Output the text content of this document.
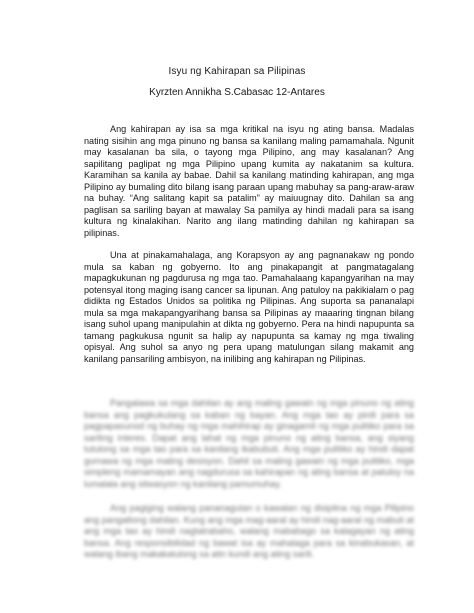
Isyu ng Kahirapan sa Pilipinas
Kyrzten Annikha S.Cabasac 12-Antares

Ang kahirapan ay isa sa mga kritikal na isyu ng ating bansa. Madalas nating sisihin ang mga pinuno ng bansa sa kanilang maling pamamahala. Ngunit may kasalanan ba sila, o tayong mga Pilipino, ang may kasalanan? Ang sapilitang paglipat ng mga Pilipino upang kumita ay nakatanim sa kultura. Karamihan sa kanila ay babae. Dahil sa kanilang matinding kahirapan, ang mga Pilipino ay bumaling dito bilang isang paraan upang mabuhay sa pang-araw-araw na buhay. “Ang salitang kapit sa patalim” ay maiuugnay dito. Dahilan sa ang paglisan sa sariling bayan at mawalay Sa pamilya ay hindi madali para sa isang kultura ng kinalakihan. Narito ang ilang matinding dahilan ng kahirapan sa pilipinas.

Una at pinakamahalaga, ang Korapsyon ay ang pagnanakaw ng pondo mula sa kaban ng gobyerno. Ito ang pinakapangit at pangmatagalang mapagkukunan ng pagdurusa ng mga tao. Pamahalaang kapangyarihan na may potensyal itong maging isang cancer sa lipunan. Ang patuloy na pakikialam o pag didikta ng Estados Unidos sa politika ng Pilipinas. Ang suporta sa pananalapi mula sa mga makapangyarihang bansa sa Pilipinas ay maaaring tingnan bilang isang suhol upang manipulahin at dikta ng gobyerno. Pera na hindi napupunta sa tamang pagkukusa ngunit sa halip ay napupunta sa kamay ng mga tiwaling opisyal. Ang suhol sa anyo ng pera upang matulungan silang makamit ang kanilang pansariling ambisyon, na inilibing ang kahirapan ng Pilipinas.

Pangalawa sa mga dahilan ay ang maling gawain ng mga pinuno ng ating bansa ang pagkukulang sa kaban ng bayan. Ang mga tao ay pinili para sa pagpapasunod ng buhay ng mga mahihirap ay ginagamit ng mga pulitiko para sa sariling interes. Dapat ang lahat ng mga pinuno ng ating bansa, ang siyang tutulong sa mga tao para sa kanilang ikabubuti. Ang mga pulitiko ay hindi dapat gumawa ng mga maling desisyon. Dahil sa maling gawain ng mga pulitiko, mga simpleng mamamayan ang nagdurusa sa kahirapan ng ating bansa at patuloy na lumalala ang sitwasyon ng kanilang pamumuhay.

Ang pagiging walang pananagutan o kawalan ng disiplina ng mga Pilipino ang pangatlong dahilan. Kung ang mga mag-aaral ay hindi nag-aaral ng mabuti at ang mga tao ay hindi nagtatrabaho, walang mababago sa kalagayan ng ating bansa. Ang responsibilidad ng bawat isa ay mahalaga para sa kinabukasan, at walang ibang makakatulong sa atin kundi ang ating sarili.
